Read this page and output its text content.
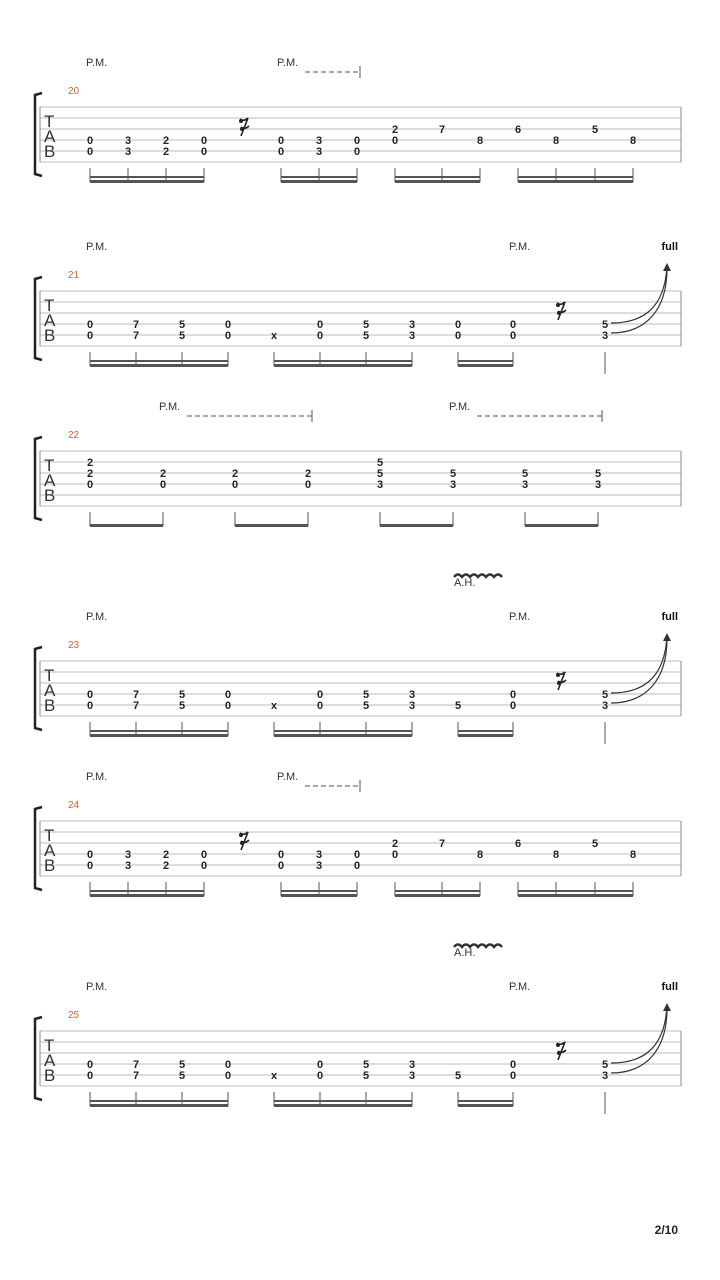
T
A
B
20
P.M.	P.M.
0
0
3
3
2
2
0
0
0
0
3
3
0
0
2
0
7
8
6
8
5
8
T
A
B
21
P.M.	P.M.
0
0
7
7
5
5
0
0	x
0
0
5
5
3
3
0
0
0
0
5
3
full
T
A
B
22
P.M.	P.M.
2
2
0
2
0
2
0
2
0
5
5
3
5
3
5
3
5
3
T
A
B
23
P.M.	P.M.
A.H.
0
0
7
7
5
5
0
0	x
0
0
5
5
3
3	5
0
0
5
3
full
T
A
B
24
P.M.	P.M.
0
0
3
3
2
2
0
0
0
0
3
3
0
0
2
0
7
8
6
8
5
8
T
A
B
25
P.M.	P.M.
A.H.
0
0
7
7
5
5
0
0	x
0
0
5
5
3
3	5
0
0
5
3
full
2/10
